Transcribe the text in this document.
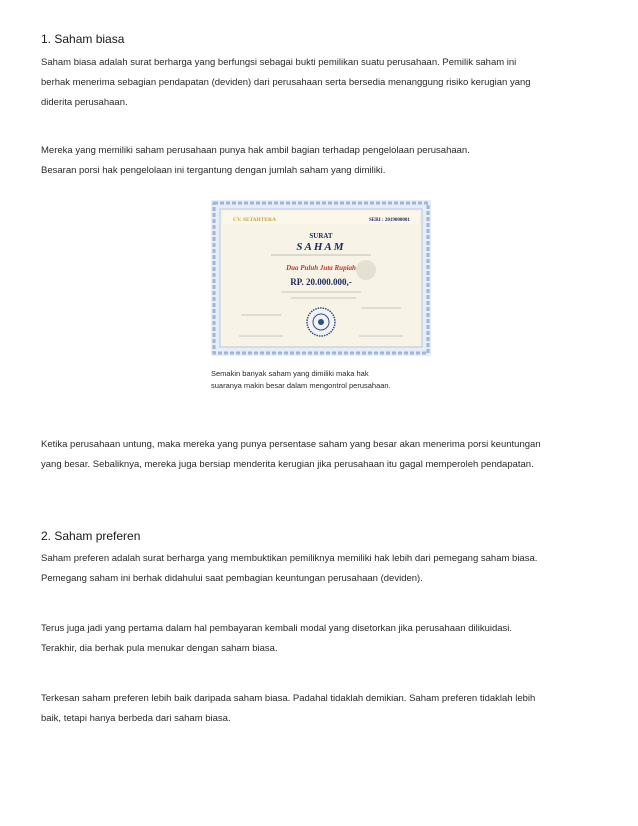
1. Saham biasa

Saham biasa adalah surat berharga yang berfungsi sebagai bukti pemilikan suatu perusahaan. Pemilik saham ini
berhak menerima sebagian pendapatan (deviden) dari perusahaan serta bersedia menanggung risiko kerugian yang
diderita perusahaan.

Mereka yang memiliki saham perusahaan punya hak ambil bagian terhadap pengelolaan perusahaan.
Besaran porsi hak pengelolaan ini tergantung dengan jumlah saham yang dimiliki.

CV. SEJAHTERA	SERI : 2019000001
SURAT
SAHAM
Dua Puluh Juta Rupiah
RP. 20.000.000,-
Semakin banyak saham yang dimiliki maka hak
suaranya makin besar dalam mengontrol perusahaan.

Ketika perusahaan untung, maka mereka yang punya persentase saham yang besar akan menerima porsi keuntungan
yang besar. Sebaliknya, mereka juga bersiap menderita kerugian jika perusahaan itu gagal memperoleh pendapatan.

2. Saham preferen

Saham preferen adalah surat berharga yang membuktikan pemiliknya memiliki hak lebih dari pemegang saham biasa.
Pemegang saham ini berhak didahului saat pembagian keuntungan perusahaan (deviden).

Terus juga jadi yang pertama dalam hal pembayaran kembali modal yang disetorkan jika perusahaan dilikuidasi.
Terakhir, dia berhak pula menukar dengan saham biasa.

Terkesan saham preferen lebih baik daripada saham biasa. Padahal tidaklah demikian. Saham preferen tidaklah lebih
baik, tetapi hanya berbeda dari saham biasa.
